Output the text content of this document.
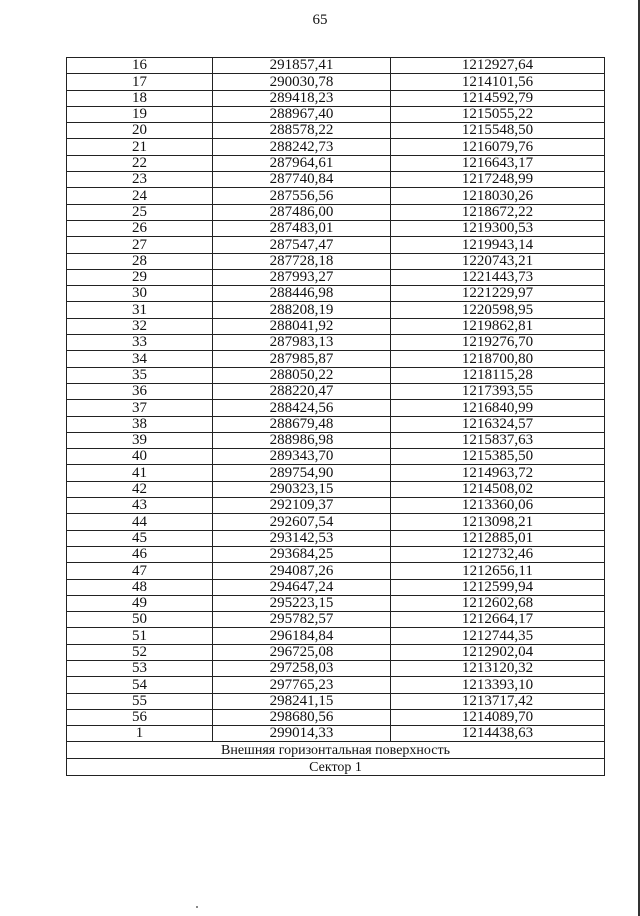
65
16	291857,41	1212927,64
17	290030,78	1214101,56
18	289418,23	1214592,79
19	288967,40	1215055,22
20	288578,22	1215548,50
21	288242,73	1216079,76
22	287964,61	1216643,17
23	287740,84	1217248,99
24	287556,56	1218030,26
25	287486,00	1218672,22
26	287483,01	1219300,53
27	287547,47	1219943,14
28	287728,18	1220743,21
29	287993,27	1221443,73
30	288446,98	1221229,97
31	288208,19	1220598,95
32	288041,92	1219862,81
33	287983,13	1219276,70
34	287985,87	1218700,80
35	288050,22	1218115,28
36	288220,47	1217393,55
37	288424,56	1216840,99
38	288679,48	1216324,57
39	288986,98	1215837,63
40	289343,70	1215385,50
41	289754,90	1214963,72
42	290323,15	1214508,02
43	292109,37	1213360,06
44	292607,54	1213098,21
45	293142,53	1212885,01
46	293684,25	1212732,46
47	294087,26	1212656,11
48	294647,24	1212599,94
49	295223,15	1212602,68
50	295782,57	1212664,17
51	296184,84	1212744,35
52	296725,08	1212902,04
53	297258,03	1213120,32
54	297765,23	1213393,10
55	298241,15	1213717,42
56	298680,56	1214089,70
1	299014,33	1214438,63
Внешняя горизонтальная поверхность		
Сектор 1		
